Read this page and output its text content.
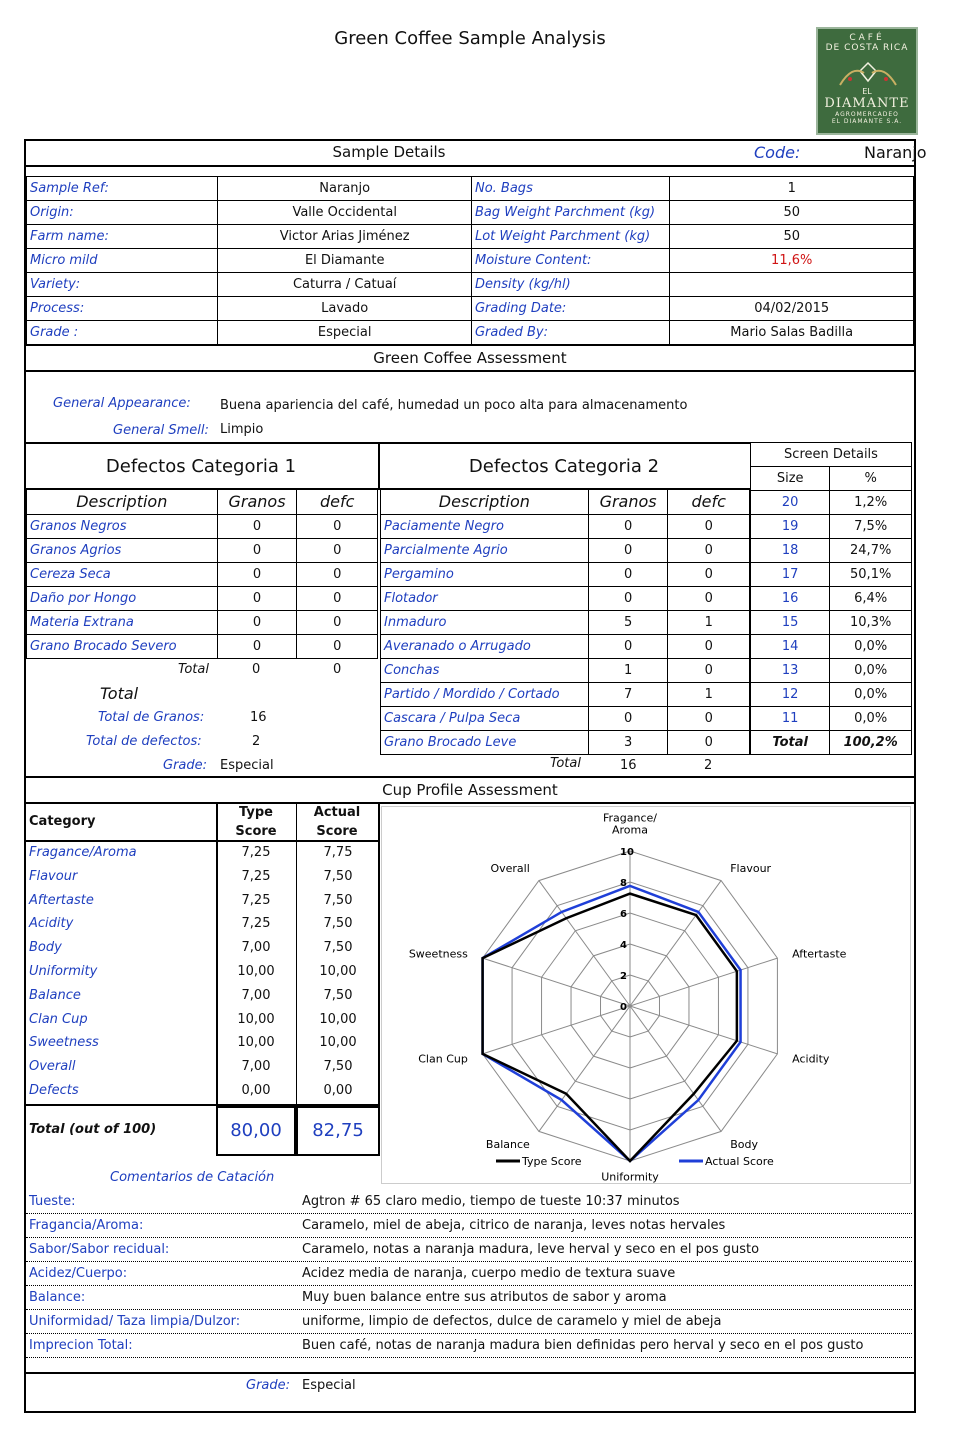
Green Coffee Sample Analysis	CAFÉ
DE COSTA RICA
EL
DIAMANTE
AGROMERCADEO
EL DIAMANTE S.A.
Sample Details	Code:	Naranjo
Sample Ref:	Naranjo	No. Bags	1
Origin:	Valle Occidental	Bag Weight Parchment (kg)	50
Farm name:	Victor Arias Jiménez	Lot Weight Parchment (kg)	50
Micro mild	El Diamante	Moisture Content:	11,6%
Variety:	Caturra / Catuaí	Density (kg/hl)	
Process:	Lavado	Grading Date:	04/02/2015
Grade :	Especial	Graded By:	Mario Salas Badilla
Green Coffee Assessment
General Appearance: Buena apariencia del café, humedad un poco alta para almacenamento
General Smell: Limpio
Defectos Categoria 1
Description	Granos	defc
Granos Negros	0	0
Granos Agrios	0	0
Cereza Seca	0	0
Daño por Hongo	0	0
Materia Extrana	0	0
Grano Brocado Severo	0	0
Total	0	0
Total
Total de Granos:	16
Total de defectos:	2
Grade: Especial
Defectos Categoria 2
Description	Granos	defc
Paciamente Negro	0	0
Parcialmente Agrio	0	0
Pergamino	0	0
Flotador	0	0
Inmaduro	5	1
Averanado o Arrugado	0	0
Conchas	1	0
Partido / Mordido / Cortado	7	1
Cascara / Pulpa Seca	0	0
Grano Brocado Leve	3	0
Total	16	2
Screen Details	
Size	%
20	1,2%
19	7,5%
18	24,7%
17	50,1%
16	6,4%
15	10,3%
14	0,0%
13	0,0%
12	0,0%
11	0,0%
Total	100,2%
Cup Profile Assessment
Category
Type
Score
Actual
Score
Fragance/Aroma	7,25	7,75
Flavour	7,25	7,50
Aftertaste	7,25	7,50
Acidity	7,25	7,50
Body	7,00	7,50
Uniformity	10,00	10,00
Balance	7,00	7,50
Clan Cup	10,00	10,00
Sweetness	10,00	10,00
Overall	7,00	7,50
Defects	0,00	0,00
Total (out of 100)	80,00	82,75
0
2
4
6
8
10
Fragance/
Aroma
Flavour
Aftertaste
Acidity
Body
Uniformity
Balance
Clan Cup
Sweetness
Overall
Type Score	Actual Score
Comentarios de Catación
Tueste:	Agtron # 65 claro medio, tiempo de tueste 10:37 minutos
Fragancia/Aroma:	Caramelo, miel de abeja, citrico de naranja, leves notas hervales
Sabor/Sabor recidual:	Caramelo, notas a naranja madura, leve herval y seco en el pos gusto
Acidez/Cuerpo:	Acidez media de naranja, cuerpo medio de textura suave
Balance:	Muy buen balance entre sus atributos de sabor y aroma
Uniformidad/ Taza limpia/Dulzor:	uniforme, limpio de defectos, dulce de caramelo y miel de abeja
Imprecion Total:	Buen café, notas de naranja madura bien definidas pero herval y seco en el pos gusto
Grade: Especial
